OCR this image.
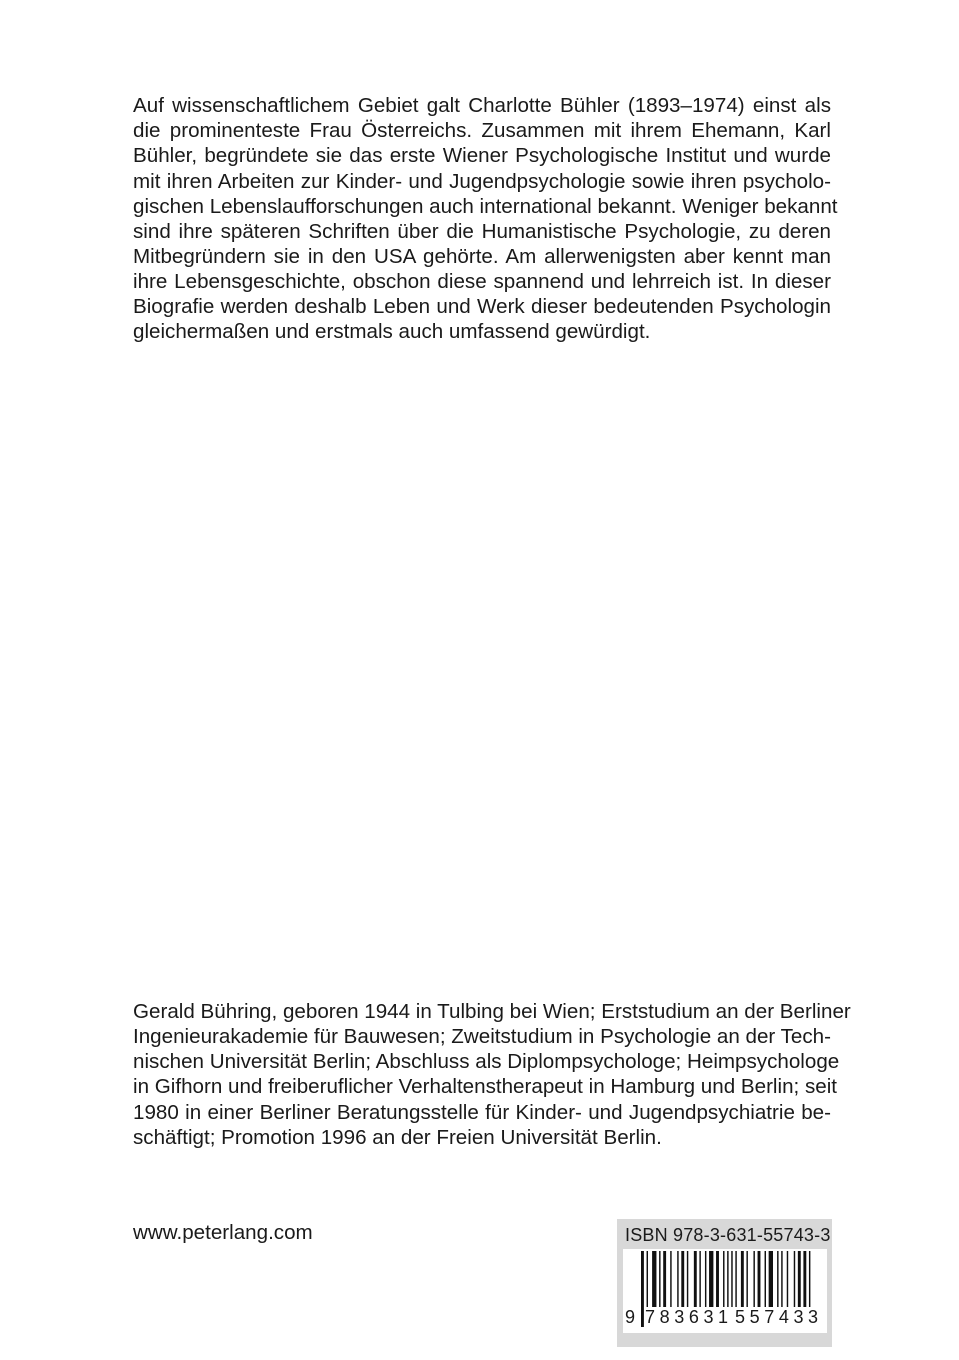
Auf wissenschaftlichem Gebiet galt Charlotte Bühler (1893–1974) einst als
die prominenteste Frau Österreichs. Zusammen mit ihrem Ehemann, Karl
Bühler, begründete sie das erste Wiener Psychologische Institut und wurde
mit ihren Arbeiten zur Kinder- und Jugendpsychologie sowie ihren psycholo-
gischen Lebenslaufforschungen auch international bekannt. Weniger bekannt
sind ihre späteren Schriften über die Humanistische Psychologie, zu deren
Mitbegründern sie in den USA gehörte. Am allerwenigsten aber kennt man
ihre Lebensgeschichte, obschon diese spannend und lehrreich ist. In dieser
Biografie werden deshalb Leben und Werk dieser bedeutenden Psychologin
gleichermaßen und erstmals auch umfassend gewürdigt.
Gerald Bühring, geboren 1944 in Tulbing bei Wien; Erststudium an der Berliner
Ingenieurakademie für Bauwesen; Zweitstudium in Psychologie an der Tech-
nischen Universität Berlin; Abschluss als Diplompsychologe; Heimpsychologe
in Gifhorn und freiberuflicher Verhaltenstherapeut in Hamburg und Berlin; seit
1980 in einer Berliner Beratungsstelle für Kinder- und Jugendpsychiatrie be-
schäftigt; Promotion 1996 an der Freien Universität Berlin.
www.peterlang.com	ISBN 978-3-631-55743-3
9 783631 557433
